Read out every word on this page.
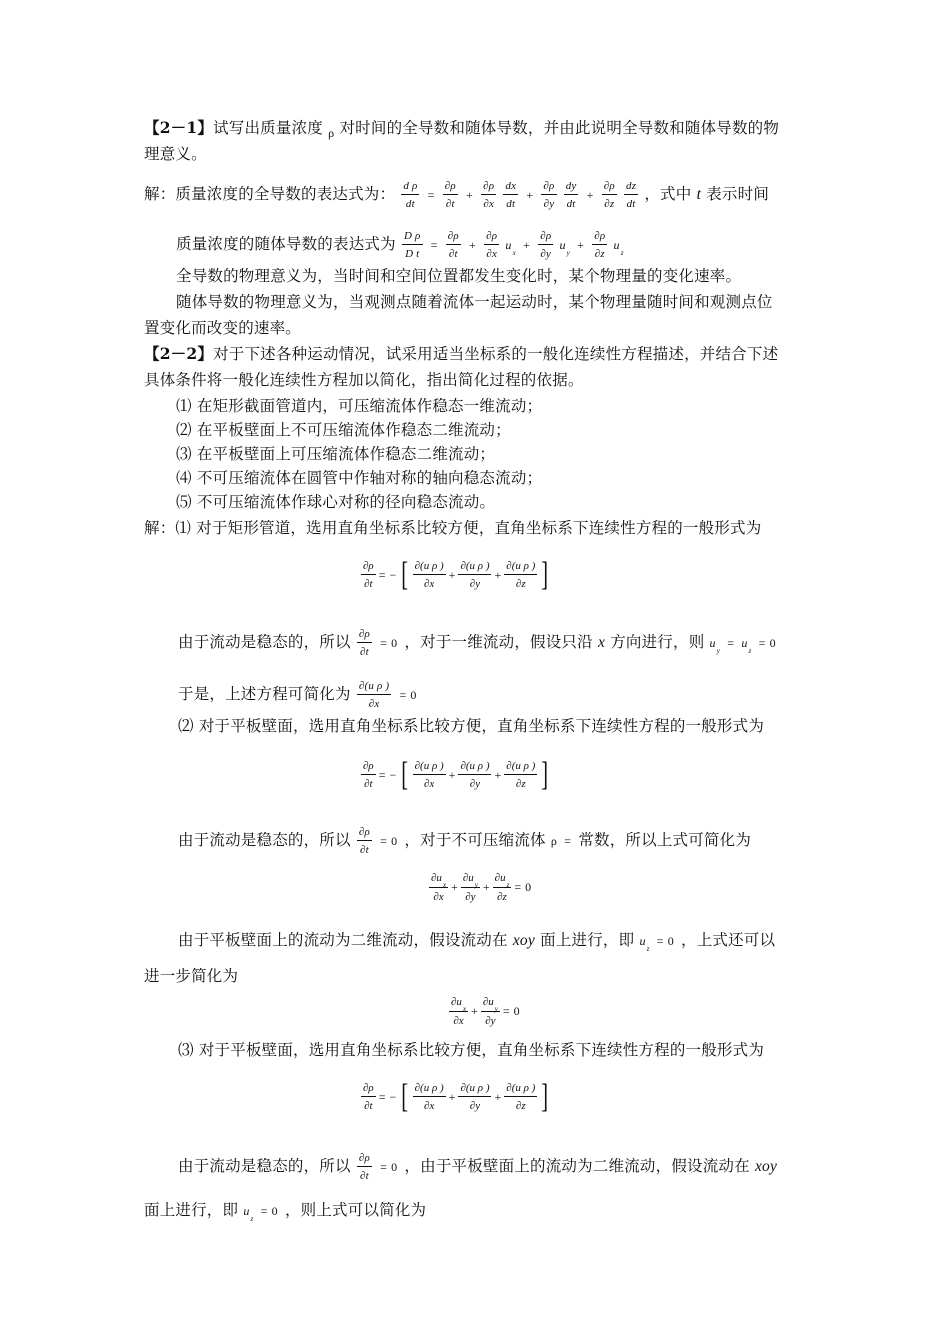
【2－1】试写出质量浓度 $_\rho$ 对时间的全导数和随体导数，并由此说明全导数和随体导数的物
理意义。
解：质量浓度的全导数的表达式为： $\frac{\text{d ρ}}{dt} = \frac{\partial\rho}{\partial t} + \frac{\partial\rho}{\partial x}$
$\frac{dx}{dt} + \frac{\partial\rho}{\partial y}$
$\frac{dy}{dt} + \frac{\partial\rho}{\partial z}$
$\frac{dz}{dt}$ ，式中 t 表示时间
质量浓度的随体导数的表达式为 $\frac{\text{D ρ}}{\text{D t}} = \frac{\partial\rho}{\partial t} + \frac{\partial\rho}{\partial x} u_x + \frac{\partial\rho}{\partial y} u_y + \frac{\partial\rho}{\partial z} u_z$
全导数的物理意义为，当时间和空间位置都发生变化时，某个物理量的变化速率。
随体导数的物理意义为，当观测点随着流体一起运动时，某个物理量随时间和观测点位
置变化而改变的速率。
【2－2】对于下述各种运动情况，试采用适当坐标系的一般化连续性方程描述，并结合下述
具体条件将一般化连续性方程加以简化，指出简化过程的依据。
⑴ 在矩形截面管道内，可压缩流体作稳态一维流动；
⑵ 在平板壁面上不可压缩流体作稳态二维流动；
⑶ 在平板壁面上可压缩流体作稳态二维流动；
⑷ 不可压缩流体在圆管中作轴对称的轴向稳态流动；
⑸ 不可压缩流体作球心对称的径向稳态流动。
解：⑴ 对于矩形管道，选用直角坐标系比较方便，直角坐标系下连续性方程的一般形式为
$\frac{\partial\rho}{\partial t}$ = − [ ∂(u ρ )
∂x
+ $\frac{\text{∂(u ρ )}}{\partial y} + \frac{\text{∂(u ρ )}}{\partial z}$ ]
由于流动是稳态的，所以 $\frac{\partial\rho}{\partial t} = 0$ ，对于一维流动，假设只沿 x 方向进行，则 $u_y = u_z = 0$
于是，上述方程可简化为 $\frac{\text{∂(u ρ )}}{\partial x} = 0$
⑵ 对于平板壁面，选用直角坐标系比较方便，直角坐标系下连续性方程的一般形式为
$\frac{\partial\rho}{\partial t}$ = − [ ∂(u ρ )
∂x
+ $\frac{\text{∂(u ρ )}}{\partial y} + \frac{\text{∂(u ρ )}}{\partial z}$ ]
由于流动是稳态的，所以 $\frac{\partial\rho}{\partial t} = 0$ ，对于不可压缩流体 ρ = 常数，所以上式可简化为
$\partial u_x$
∂x
+ $\frac{\partial u_y}{\partial y} + \frac{\partial u_z}{\partial z} = 0$
由于平板壁面上的流动为二维流动，假设流动在 xoy 面上进行，即 $u_z = 0$ ，上式还可以
进一步简化为
$\partial u_x$
∂x
+ $\frac{\partial u_y}{\partial y} = 0$
⑶ 对于平板壁面，选用直角坐标系比较方便，直角坐标系下连续性方程的一般形式为
$\frac{\partial\rho}{\partial t}$ = − [ ∂(u ρ )
∂x
+ $\frac{\text{∂(u ρ )}}{\partial y} + \frac{\text{∂(u ρ )}}{\partial z}$ ]
由于流动是稳态的，所以 $\frac{\partial\rho}{\partial t} = 0$ ，由于平板壁面上的流动为二维流动，假设流动在 xoy
面上进行，即 $u_z = 0$ ，则上式可以简化为
